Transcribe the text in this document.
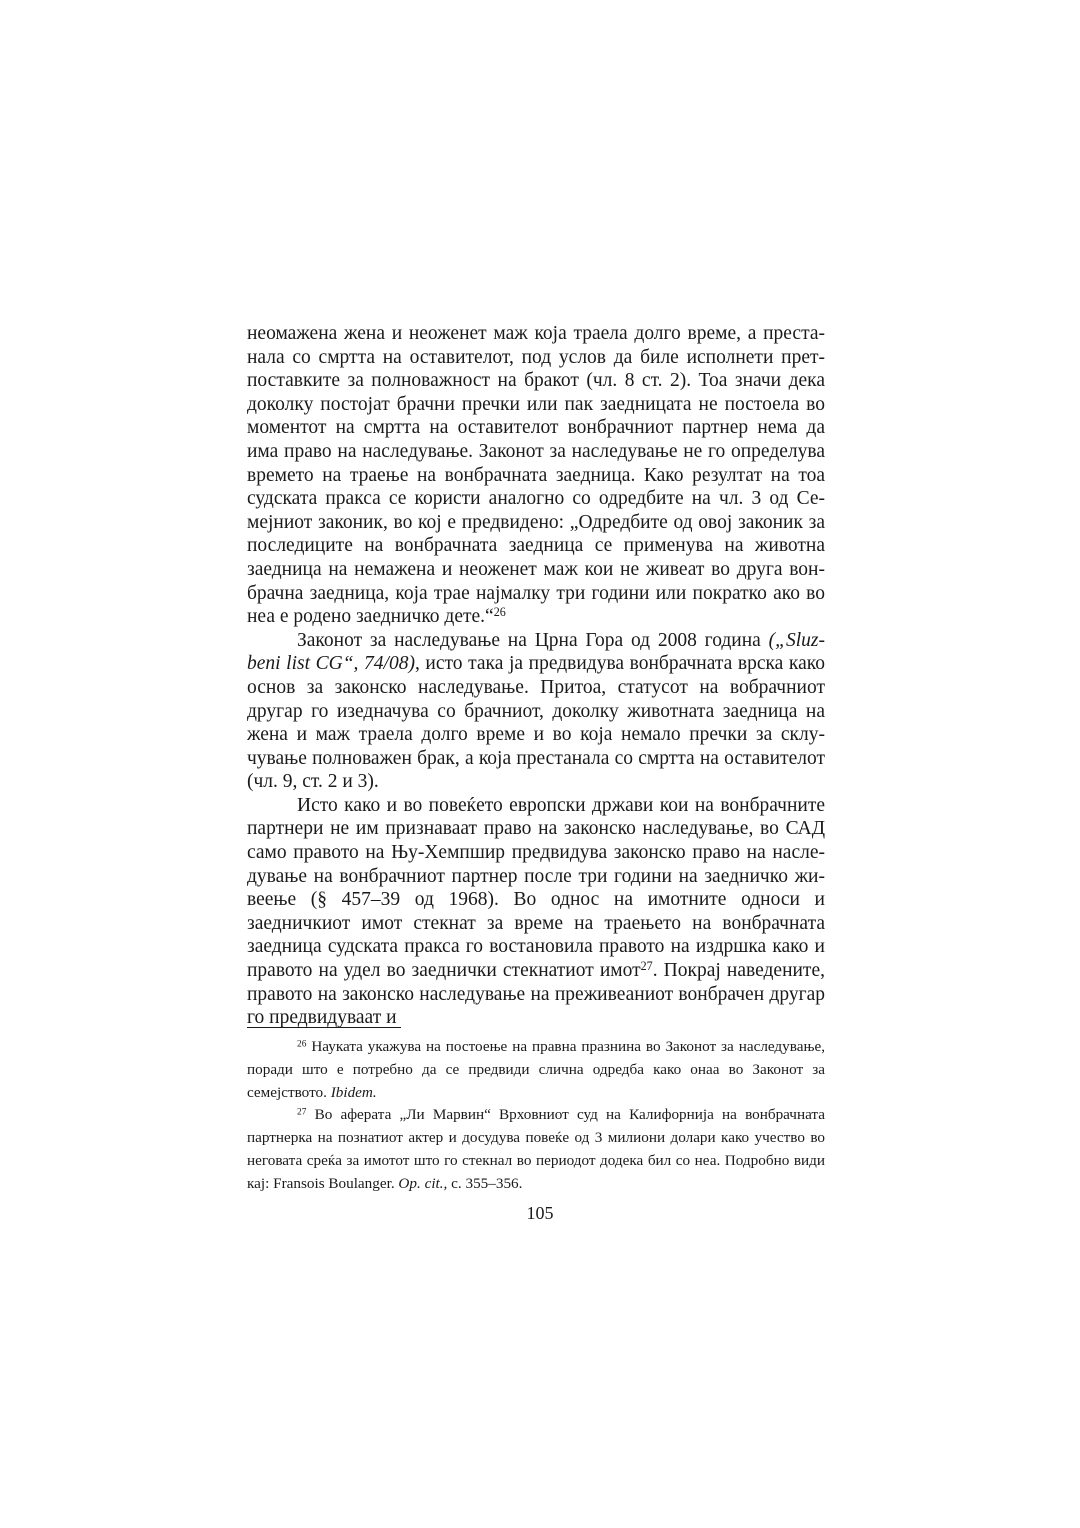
неомажена жена и неоженет маж која траела долго време, а престанала со смртта на оставителот, под услов да биле исполнети претпоставките за полноважност на бракот (чл. 8 ст. 2). Тоа значи дека доколку постојат брачни пречки или пак заедницата не постоела во моментот на смртта на оставителот вонбрачниот партнер нема да има право на наследување. Законот за наследување не го определува времето на траење на вонбрачната заедница. Како резултат на тоа судската пракса се користи аналогно со одредбите на чл. 3 од Семејниот законик, во кој е предвидено: „Одредбите од овој законик за последиците на вонбрачната заедница се применува на животна заедница на немажена и неоженет маж кои не живеат во друга вонбрачна заедница, која трае најмалку три години или пократко ако во неа е родено заедничко дете.“$^{26}$

Законот за наследување на Црна Гора од 2008 година („Sluzbeni list CG“, 74/08), исто така ја предвидува вонбрачната врска како основ за законско наследување. Притоа, статусот на вобрачниот другар го изедначува со брачниот, доколку животната заедница на жена и маж траела долго време и во која немало пречки за склучување полноважен брак, а која престанала со смртта на оставителот (чл. 9, ст. 2 и 3).

Исто како и во повеќето европски држави кои на вонбрачните партнери не им признаваат право на законско наследување, во САД само правото на Њу-Хемпшир предвидува законско право на наследување на вонбрачниот партнер после три години на заедничко живеење (§ 457–39 од 1968). Во однос на имотните односи и заедничкиот имот стекнат за време на траењето на вонбрачната заедница судската пракса го востановила правото на издршка како и правото на удел во заеднички стекнатиот имот$^{27}$. Покрај наведените, правото на законско наследување на преживеаниот вонбрачен другар го предвидуваат и

$^{26}$ Науката укажува на постоење на правна празнина во Законот за наследување, поради што е потребно да се предвиди слична одредба како онаа во Законот за семејството. Ibidem.

$^{27}$ Во аферата „Ли Марвин“ Врховниот суд на Калифорнија на вонбрачната партнерка на познатиот актер и досудува повеќе од 3 милиони долари како учество во неговата среќа за имотот што го стекнал во периодот додека бил со неа. Подробно види кај: Fransois Boulanger. Op. cit., с. 355–356.

105
